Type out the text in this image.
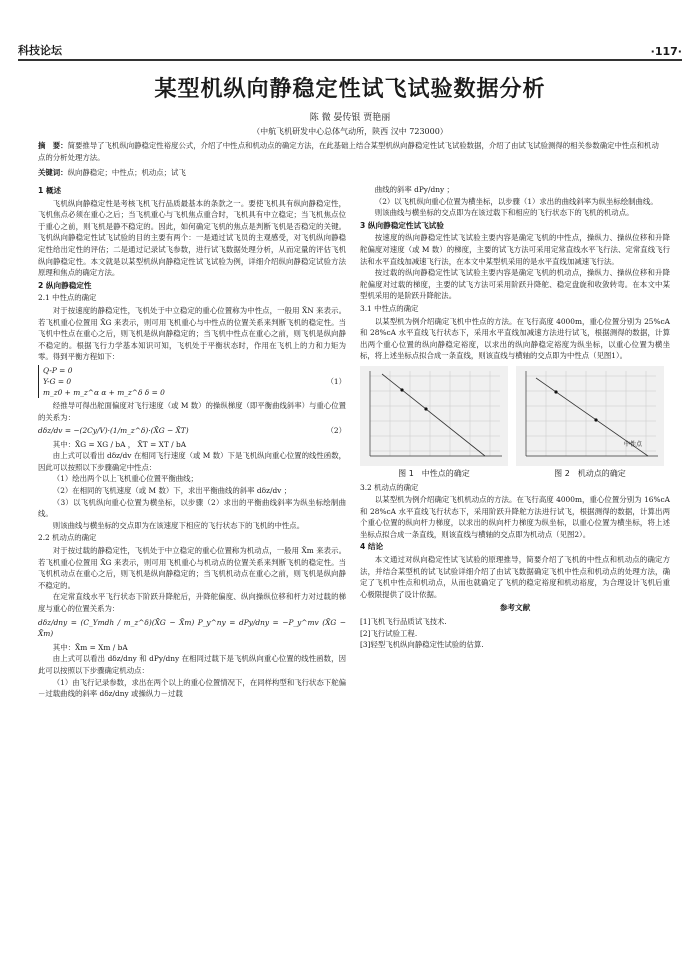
科技论坛	·117·
某型机纵向静稳定性试飞试验数据分析
陈 微 晏传银 贾艳丽
（中航飞机研发中心总体气动所，陕西 汉中 723000）
摘　要：简要推导了飞机纵向静稳定性裕度公式，介绍了中性点和机动点的确定方法，在此基础上结合某型机纵向静稳定性试飞试验数据，介绍了由试飞试验测得的相关参数确定中性点和机动点的分析处理方法。
关键词：纵向静稳定；中性点；机动点；试飞
1 概述

飞机纵向静稳定性是考核飞机飞行品质最基本的条款之一。要使飞机具有纵向静稳定性，飞机焦点必须在重心之后；当飞机重心与飞机焦点重合时，飞机具有中立稳定；当飞机焦点位于重心之前，则飞机是静不稳定的。因此，如何确定飞机的焦点是判断飞机是否稳定的关键。飞机纵向静稳定性试飞试验的目的主要有两个：一是通过试飞员的主观感受，对飞机纵向静稳定性给出定性的评估；二是通过记录试飞参数，进行试飞数据处理分析，从而定量的评估飞机纵向静稳定性。本文就是以某型机纵向静稳定性试飞试验为例，详细介绍纵向静稳定试验方法原理和焦点的确定方法。

2 纵向静稳定性
2.1 中性点的确定

对于按速度的静稳定性，飞机处于中立稳定的重心位置称为中性点，一般用 X̄N 来表示。若飞机重心位置用 X̄G 来表示，则可用飞机重心与中性点的位置关系来判断飞机的稳定性。当飞机中性点在重心之后，则飞机是纵向静稳定的；当飞机中性点在重心之前，则飞机是纵向静不稳定的。根据飞行力学基本知识可知，飞机处于平衡状态时，作用在飞机上的力和力矩为零。得到平衡方程如下：

Q-P = 0
Y-G = 0
m_z0 + m_z^α α + m_z^δ δ = 0
（1）

经推导可得出舵面偏度对飞行速度（或 M 数）的操纵梯度（即平衡曲线斜率）与重心位置的关系为：

dδz/dv = −(2Cy/V)·(1/m_z^δ)·(X̄G − X̄T)	（2）

其中：X̄G = XG / bA ， X̄T = XT / bA

由上式可以看出 dδz/dv 在相同飞行速度（或 M 数）下是飞机纵向重心位置的线性函数，因此可以按照以下步骤确定中性点：

（1）绘出两个以上飞机重心位置平衡曲线；

（2）在相同的飞机速度（或 M 数）下，求出平衡曲线的斜率 dδz/dv ；

（3）以飞机纵向重心位置为横坐标，以步骤（2）求出的平衡曲线斜率为纵坐标绘制曲线。

则该曲线与横坐标的交点即为在该速度下相应的飞行状态下的飞机的中性点。

2.2 机动点的确定

对于按过载的静稳定性，飞机处于中立稳定的重心位置称为机动点，一般用 X̄m 来表示。若飞机重心位置用 X̄G 来表示，则可用飞机重心与机动点的位置关系来判断飞机的稳定性。当飞机机动点在重心之后，则飞机是纵向静稳定的；当飞机机动点在重心之前，则飞机是纵向静不稳定的。

在定常直线水平飞行状态下阶跃升降舵后，升降舵偏度、纵向操纵位移和杆力对过载的梯度与重心的位置关系为：

dδz/dny = (C_Ymdh / m_z^δ)(X̄G − X̄m) P_y^ny = dPy/dny = −P_y^mv (X̄G − X̄m)

其中：X̄m = Xm / bA

由上式可以看出 dδz/dny 和 dPy/dny 在相同过载下是飞机纵向重心位置的线性函数，因此可以按照以下步骤确定机动点：

（1）由飞行记录参数，求出在两个以上的重心位置情况下，在同样构型和飞行状态下舵偏－过载曲线的斜率 dδz/dny 或操纵力－过载

曲线的斜率 dPy/dny ；

（2）以飞机纵向重心位置为横坐标，以步骤（1）求出的曲线斜率为纵坐标绘制曲线。

则该曲线与横坐标的交点即为在该过载下和相应的飞行状态下的飞机的机动点。

3 纵向静稳定性试飞试验

按速度的纵向静稳定性试飞试验主要内容是确定飞机的中性点，操纵力、操纵位移和升降舵偏度对速度（或 M 数）的梯度，主要的试飞方法可采用定常直线水平飞行法、定常直线飞行法和水平直线加减速飞行法，在本文中某型机采用的是水平直线加减速飞行法。

按过载的纵向静稳定性试飞试验主要内容是确定飞机的机动点，操纵力、操纵位移和升降舵偏度对过载的梯度，主要的试飞方法可采用阶跃升降舵、稳定盘旋和收敛转弯。在本文中某型机采用的是阶跃升降舵法。

3.1 中性点的确定

以某型机为例介绍确定飞机中性点的方法。在飞行高度 4000m，重心位置分别为 25%cA 和 28%cA 水平直线飞行状态下，采用水平直线加减速方法进行试飞，根据测得的数据，计算出两个重心位置的纵向静稳定裕度，以求出的纵向静稳定裕度为纵坐标，以重心位置为横坐标，将上述坐标点拟合成一条直线，则该直线与横轴的交点即为中性点（见图1）。

图 1　中性点的确定
中性点
图 2　机动点的确定
3.2 机动点的确定

以某型机为例介绍确定飞机机动点的方法。在飞行高度 4000m，重心位置分别为 16%cA 和 28%cA 水平直线飞行状态下，采用阶跃升降舵方法进行试飞，根据测得的数据，计算出两个重心位置的纵向杆力梯度，以求出的纵向杆力梯度为纵坐标，以重心位置为横坐标，将上述坐标点拟合成一条直线，则该直线与横轴的交点即为机动点（见图2）。

4 结论

本文通过对纵向稳定性试飞试验的原理推导，简要介绍了飞机的中性点和机动点的确定方法，并结合某型机的试飞试验详细介绍了由试飞数据确定飞机中性点和机动点的处理方法，确定了飞机中性点和机动点，从而也就确定了飞机的稳定裕度和机动裕度，为合理设计飞机后重心极限提供了设计依据。

参考文献

[1]飞机飞行品质试飞技术.

[2]飞行试验工程.

[3]轻型飞机纵向静稳定性试验的估算.
